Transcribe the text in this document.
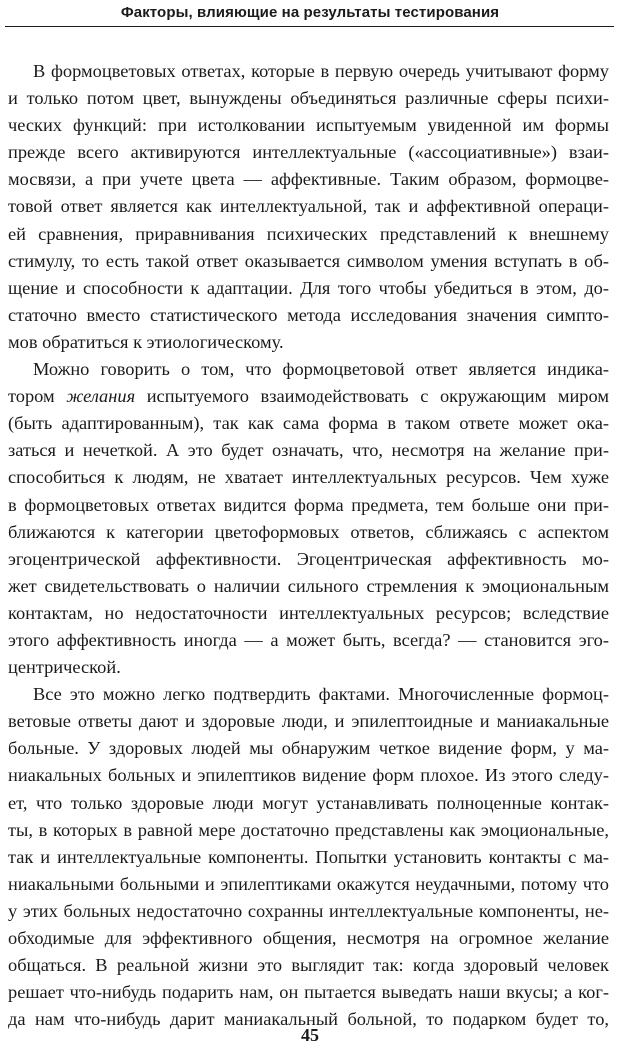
Факторы, влияющие на результаты тестирования
В формоцветовых ответах, которые в первую очередь учитывают форму
и только потом цвет, вынуждены объединяться различные сферы психи-
ческих функций: при истолковании испытуемым увиденной им формы
прежде всего активируются интеллектуальные («ассоциативные») взаи-
мосвязи, а при учете цвета — аффективные. Таким образом, формоцве-
товой ответ является как интеллектуальной, так и аффективной операци-
ей сравнения, приравнивания психических представлений к внешнему
стимулу, то есть такой ответ оказывается символом умения вступать в об-
щение и способности к адаптации. Для того чтобы убедиться в этом, до-
статочно вместо статистического метода исследования значения симпто-
мов обратиться к этиологическому.
Можно говорить о том, что формоцветовой ответ является индика-
тором желания испытуемого взаимодействовать с окружающим миром
(быть адаптированным), так как сама форма в таком ответе может ока-
заться и нечеткой. А это будет означать, что, несмотря на желание при-
способиться к людям, не хватает интеллектуальных ресурсов. Чем хуже
в формоцветовых ответах видится форма предмета, тем больше они при-
ближаются к категории цветоформовых ответов, сближаясь с аспектом
эгоцентрической аффективности. Эгоцентрическая аффективность мо-
жет свидетельствовать о наличии сильного стремления к эмоциональным
контактам, но недостаточности интеллектуальных ресурсов; вследствие
этого аффективность иногда — а может быть, всегда? — становится эго-
центрической.
Все это можно легко подтвердить фактами. Многочисленные формоц-
ветовые ответы дают и здоровые люди, и эпилептоидные и маниакальные
больные. У здоровых людей мы обнаружим четкое видение форм, у ма-
ниакальных больных и эпилептиков видение форм плохое. Из этого следу-
ет, что только здоровые люди могут устанавливать полноценные контак-
ты, в которых в равной мере достаточно представлены как эмоциональные,
так и интеллектуальные компоненты. Попытки установить контакты с ма-
ниакальными больными и эпилептиками окажутся неудачными, потому что
у этих больных недостаточно сохранны интеллектуальные компоненты, не-
обходимые для эффективного общения, несмотря на огромное желание
общаться. В реальной жизни это выглядит так: когда здоровый человек
решает что-нибудь подарить нам, он пытается выведать наши вкусы; а ког-
да нам что-нибудь дарит маниакальный больной, то подарком будет то,
45
